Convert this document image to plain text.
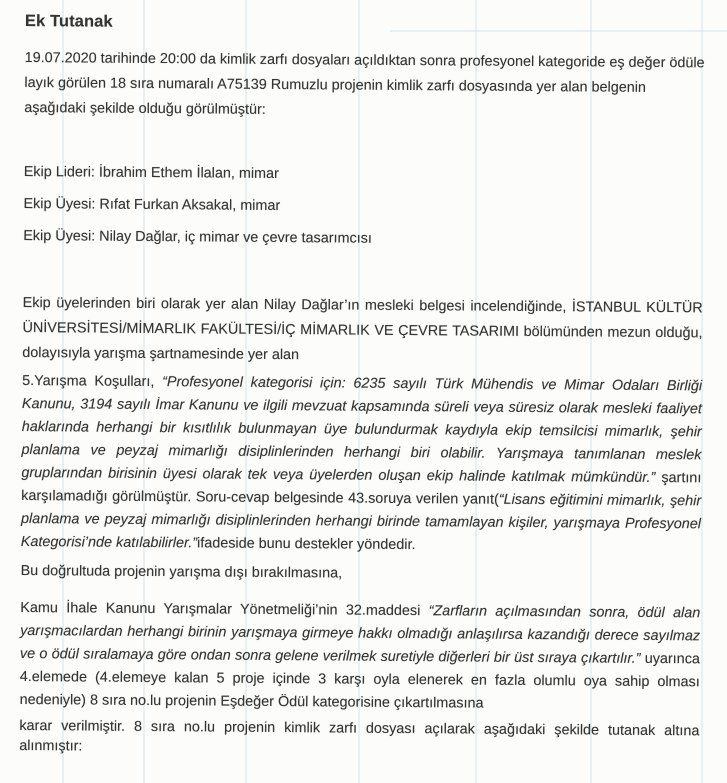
Ek Tutanak

19.07.2020 tarihinde 20:00 da kimlik zarfı dosyaları açıldıktan sonra profesyonel kategoride eş değer ödüle layık görülen 18 sıra numaralı A75139 Rumuzlu projenin kimlik zarfı dosyasında yer alan belgenin aşağıdaki şekilde olduğu görülmüştür:

Ekip Lideri: İbrahim Ethem İlalan, mimar

Ekip Üyesi: Rıfat Furkan Aksakal, mimar

Ekip Üyesi: Nilay Dağlar, iç mimar ve çevre tasarımcısı

Ekip üyelerinden biri olarak yer alan Nilay Dağlar’ın mesleki belgesi incelendiğinde, İSTANBUL KÜLTÜR ÜNİVERSİTESİ/MİMARLIK FAKÜLTESİ/İÇ MİMARLIK VE ÇEVRE TASARIMI bölümünden mezun olduğu, dolayısıyla yarışma şartnamesinde yer alan

5.Yarışma Koşulları, “Profesyonel kategorisi için: 6235 sayılı Türk Mühendis ve Mimar Odaları Birliği Kanunu, 3194 sayılı İmar Kanunu ve ilgili mevzuat kapsamında süreli veya süresiz olarak mesleki faaliyet haklarında herhangi bir kısıtlılık bulunmayan üye bulundurmak kaydıyla ekip temsilcisi mimarlık, şehir planlama ve peyzaj mimarlığı disiplinlerinden herhangi biri olabilir. Yarışmaya tanımlanan meslek gruplarından birisinin üyesi olarak tek veya üyelerden oluşan ekip halinde katılmak mümkündür.” şartını karşılamadığı görülmüştür. Soru-cevap belgesinde 43.soruya verilen yanıt(“Lisans eğitimini mimarlık, şehir planlama ve peyzaj mimarlığı disiplinlerinden herhangi birinde tamamlayan kişiler, yarışmaya Profesyonel Kategorisi’nde katılabilirler.”ifadeside bunu destekler yöndedir.

Bu doğrultuda projenin yarışma dışı bırakılmasına,

Kamu İhale Kanunu Yarışmalar Yönetmeliği’nin 32.maddesi “Zarfların açılmasından sonra, ödül alan yarışmacılardan herhangi birinin yarışmaya girmeye hakkı olmadığı anlaşılırsa kazandığı derece sayılmaz ve o ödül sıralamaya göre ondan sonra gelene verilmek suretiyle diğerleri bir üst sıraya çıkartılır.” uyarınca 4.elemede (4.elemeye kalan 5 proje içinde 3 karşı oyla elenerek en fazla olumlu oya sahip olması nedeniyle) 8 sıra no.lu projenin Eşdeğer Ödül kategorisine çıkartılmasına

karar verilmiştir. 8 sıra no.lu projenin kimlik zarfı dosyası açılarak aşağıdaki şekilde tutanak altına alınmıştır:
